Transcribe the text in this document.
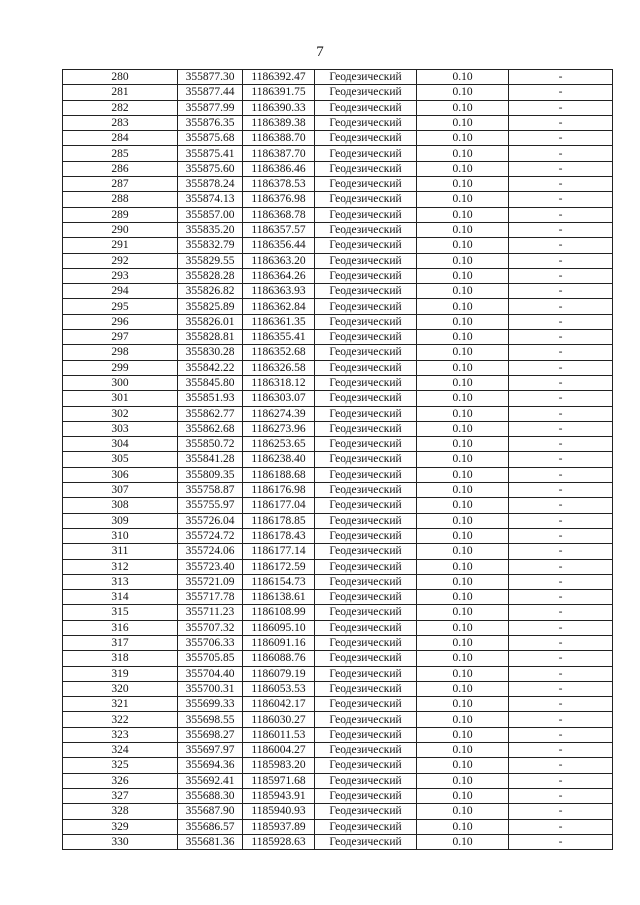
7
280	355877.30	1186392.47	Геодезический	0.10	-
281	355877.44	1186391.75	Геодезический	0.10	-
282	355877.99	1186390.33	Геодезический	0.10	-
283	355876.35	1186389.38	Геодезический	0.10	-
284	355875.68	1186388.70	Геодезический	0.10	-
285	355875.41	1186387.70	Геодезический	0.10	-
286	355875.60	1186386.46	Геодезический	0.10	-
287	355878.24	1186378.53	Геодезический	0.10	-
288	355874.13	1186376.98	Геодезический	0.10	-
289	355857.00	1186368.78	Геодезический	0.10	-
290	355835.20	1186357.57	Геодезический	0.10	-
291	355832.79	1186356.44	Геодезический	0.10	-
292	355829.55	1186363.20	Геодезический	0.10	-
293	355828.28	1186364.26	Геодезический	0.10	-
294	355826.82	1186363.93	Геодезический	0.10	-
295	355825.89	1186362.84	Геодезический	0.10	-
296	355826.01	1186361.35	Геодезический	0.10	-
297	355828.81	1186355.41	Геодезический	0.10	-
298	355830.28	1186352.68	Геодезический	0.10	-
299	355842.22	1186326.58	Геодезический	0.10	-
300	355845.80	1186318.12	Геодезический	0.10	-
301	355851.93	1186303.07	Геодезический	0.10	-
302	355862.77	1186274.39	Геодезический	0.10	-
303	355862.68	1186273.96	Геодезический	0.10	-
304	355850.72	1186253.65	Геодезический	0.10	-
305	355841.28	1186238.40	Геодезический	0.10	-
306	355809.35	1186188.68	Геодезический	0.10	-
307	355758.87	1186176.98	Геодезический	0.10	-
308	355755.97	1186177.04	Геодезический	0.10	-
309	355726.04	1186178.85	Геодезический	0.10	-
310	355724.72	1186178.43	Геодезический	0.10	-
311	355724.06	1186177.14	Геодезический	0.10	-
312	355723.40	1186172.59	Геодезический	0.10	-
313	355721.09	1186154.73	Геодезический	0.10	-
314	355717.78	1186138.61	Геодезический	0.10	-
315	355711.23	1186108.99	Геодезический	0.10	-
316	355707.32	1186095.10	Геодезический	0.10	-
317	355706.33	1186091.16	Геодезический	0.10	-
318	355705.85	1186088.76	Геодезический	0.10	-
319	355704.40	1186079.19	Геодезический	0.10	-
320	355700.31	1186053.53	Геодезический	0.10	-
321	355699.33	1186042.17	Геодезический	0.10	-
322	355698.55	1186030.27	Геодезический	0.10	-
323	355698.27	1186011.53	Геодезический	0.10	-
324	355697.97	1186004.27	Геодезический	0.10	-
325	355694.36	1185983.20	Геодезический	0.10	-
326	355692.41	1185971.68	Геодезический	0.10	-
327	355688.30	1185943.91	Геодезический	0.10	-
328	355687.90	1185940.93	Геодезический	0.10	-
329	355686.57	1185937.89	Геодезический	0.10	-
330	355681.36	1185928.63	Геодезический	0.10	-
